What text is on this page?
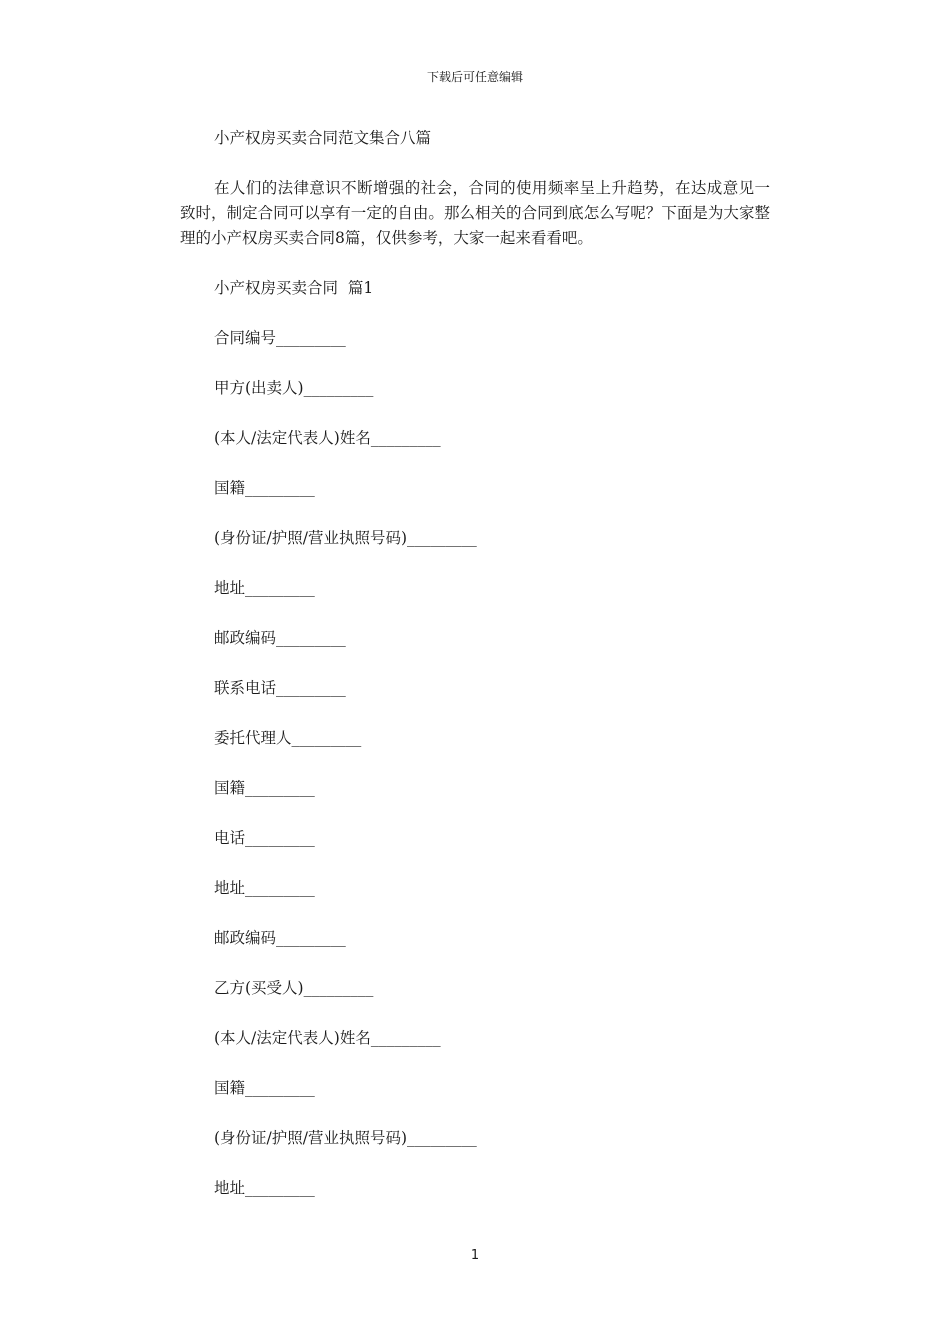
下载后可任意编辑

小产权房买卖合同范文集合八篇

在人们的法律意识不断增强的社会，合同的使用频率呈上升趋势，在达成意见一致时，制定合同可以享有一定的自由。那么相关的合同到底怎么写呢？下面是为大家整理的小产权房买卖合同8篇，仅供参考，大家一起来看看吧。

小产权房买卖合同  篇1

合同编号_________

甲方(出卖人)_________

(本人/法定代表人)姓名_________

国籍_________

(身份证/护照/营业执照号码)_________

地址_________

邮政编码_________

联系电话_________

委托代理人_________

国籍_________

电话_________

地址_________

邮政编码_________

乙方(买受人)_________

(本人/法定代表人)姓名_________

国籍_________

(身份证/护照/营业执照号码)_________

地址_________

1
